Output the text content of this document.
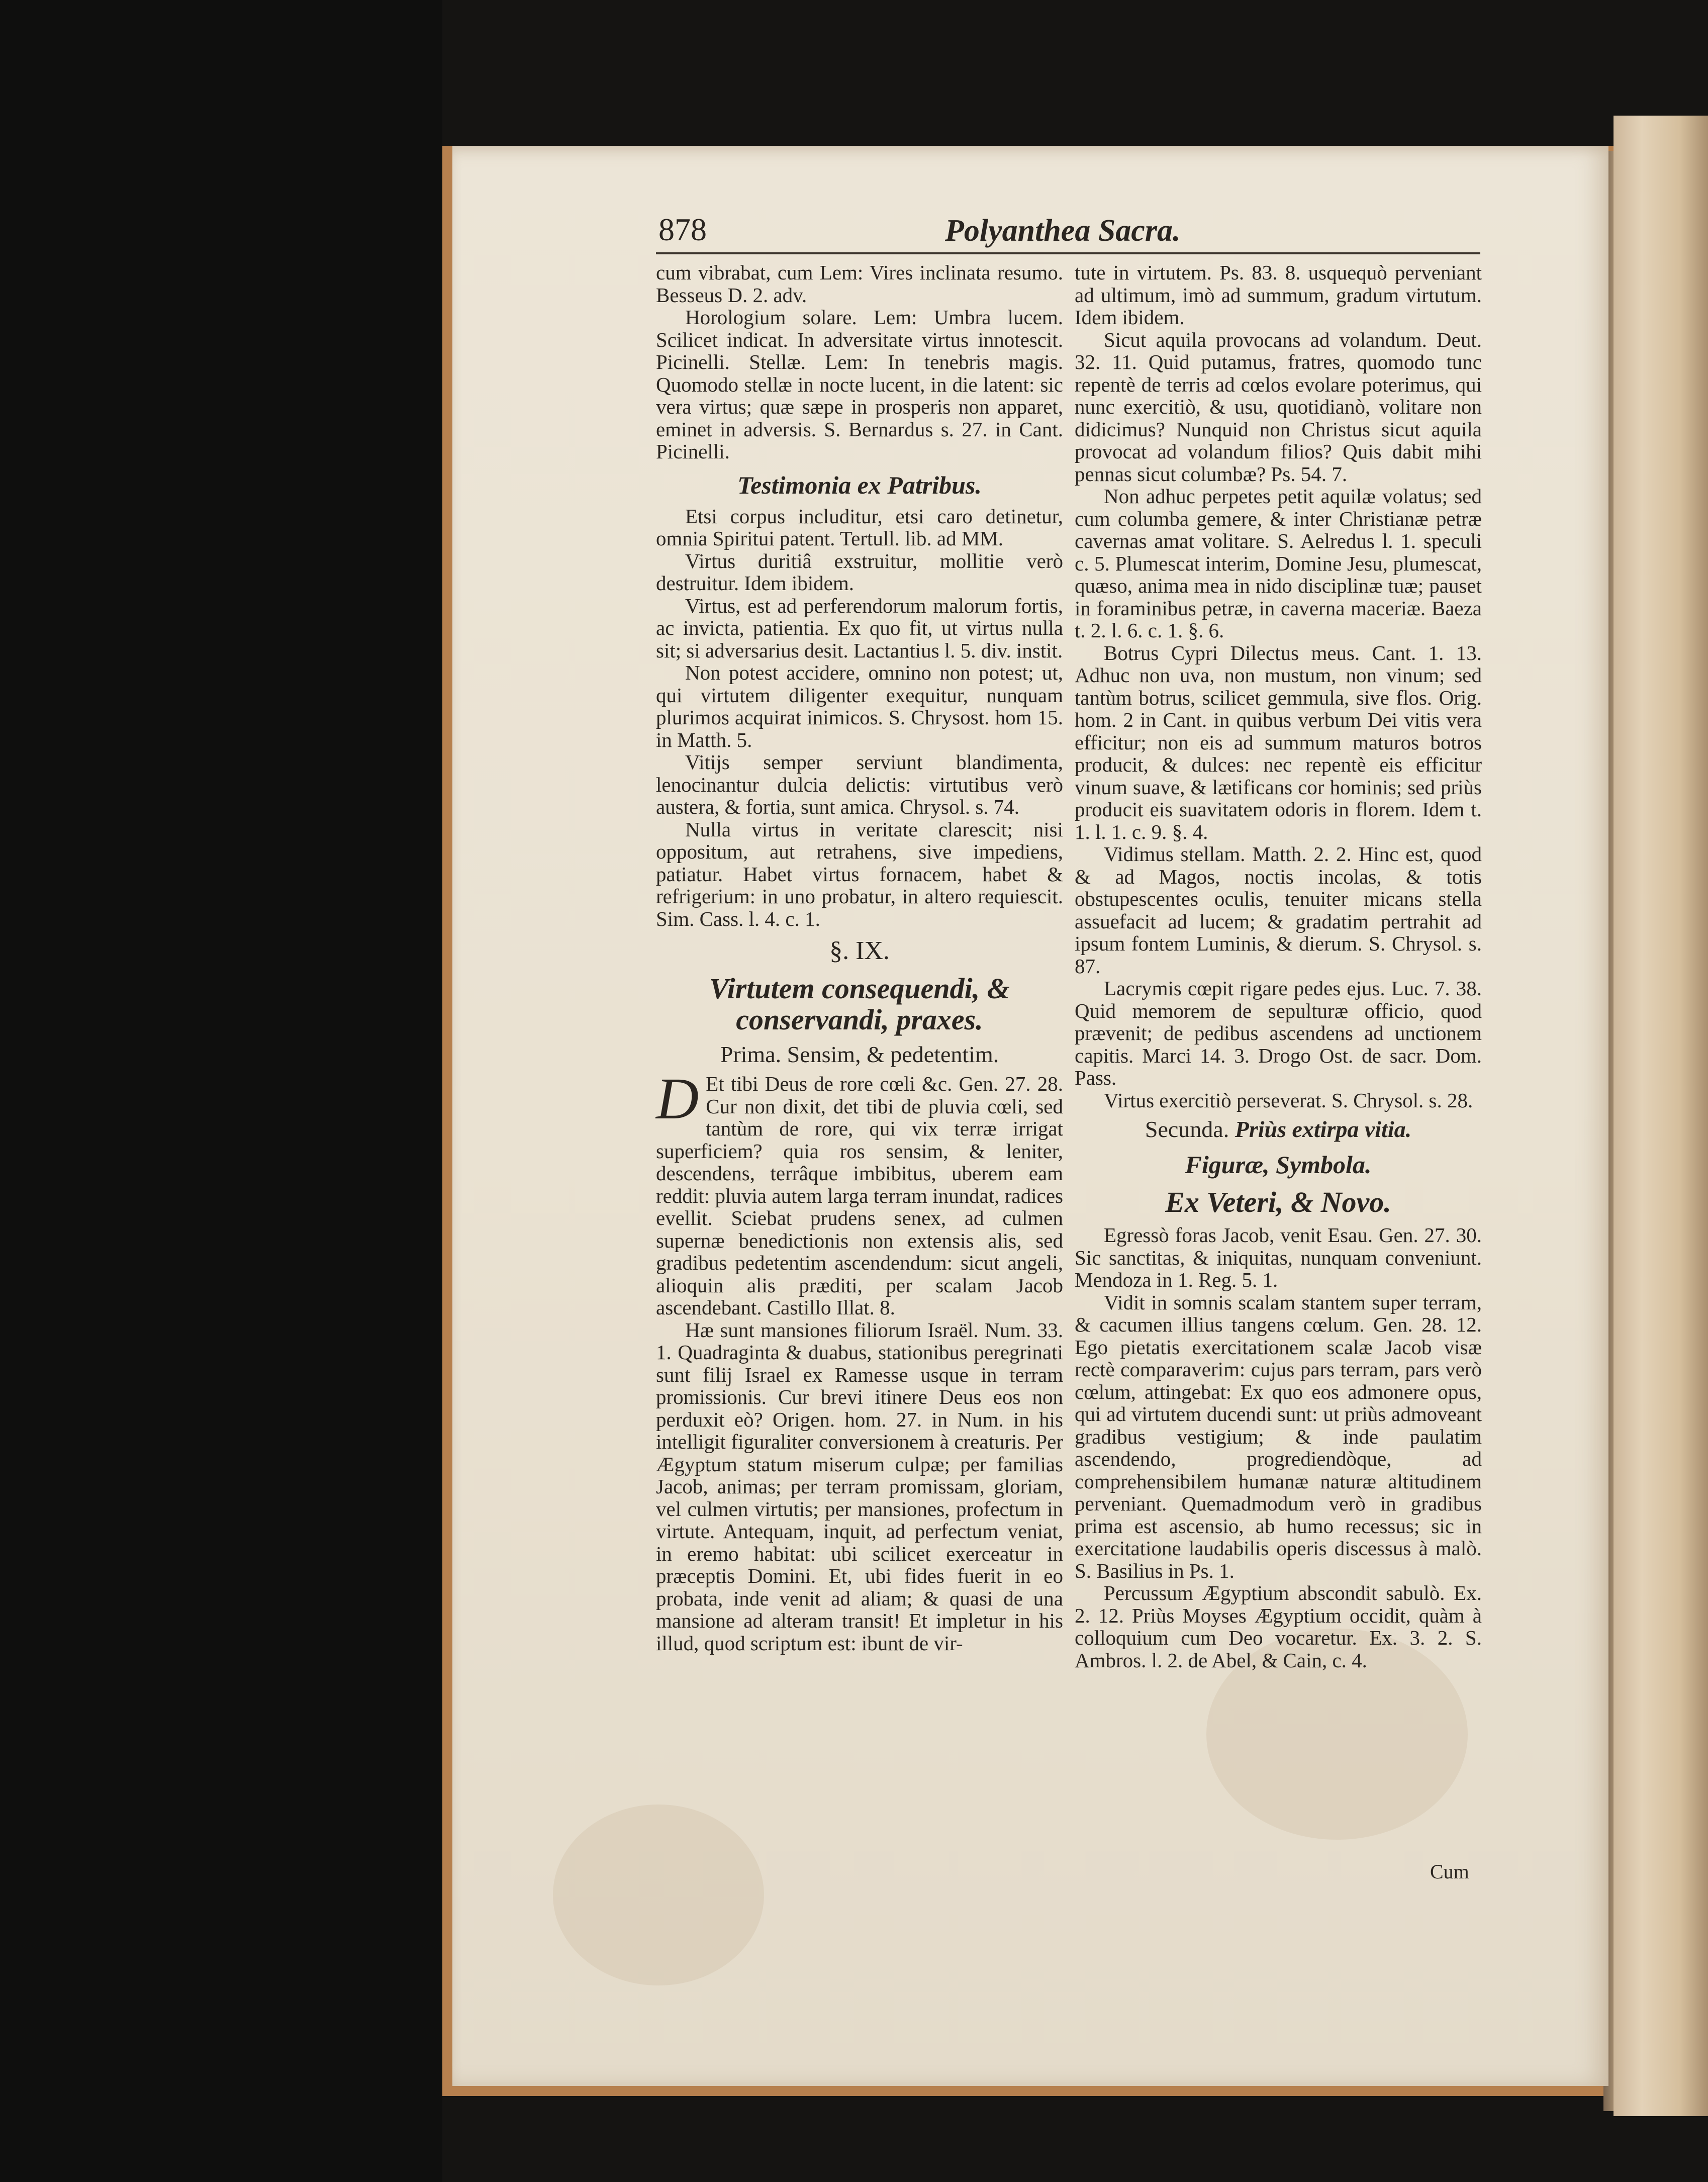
878	Polyanthea Sacra.

cum vibrabat, cum Lem: Vires inclinata resumo. Besseus D. 2. adv.

Horologium solare. Lem: Umbra lucem. Scilicet indicat. In adversitate virtus innotescit. Picinelli. Stellæ. Lem: In tenebris magis. Quomodo stellæ in nocte lucent, in die latent: sic vera virtus; quæ sæpe in prosperis non apparet, eminet in adversis. S. Bernardus s. 27. in Cant. Picinelli.

Testimonia ex Patribus.

Etsi corpus includitur, etsi caro detinetur, omnia Spiritui patent. Tertull. lib. ad MM.

Virtus duritiâ exstruitur, mollitie verò destruitur. Idem ibidem.

Virtus, est ad perferendorum malorum fortis, ac invicta, patientia. Ex quo fit, ut virtus nulla sit; si adversarius desit. Lactantius l. 5. div. instit.

Non potest accidere, omnino non potest; ut, qui virtutem diligenter exequitur, nunquam plurimos acquirat inimicos. S. Chrysost. hom 15. in Matth. 5.

Vitijs semper serviunt blandimenta, lenocinantur dulcia delictis: virtutibus verò austera, & fortia, sunt amica. Chrysol. s. 74.

Nulla virtus in veritate clarescit; nisi oppositum, aut retrahens, sive impediens, patiatur. Habet virtus fornacem, habet & refrigerium: in uno probatur, in altero requiescit. Sim. Cass. l. 4. c. 1.

§. IX.
Virtutem consequendi, & conservandi, praxes.
Prima. Sensim, & pedetentim.
D Et tibi Deus de rore cœli &c. Gen. 27. 28. Cur non dixit, det tibi de pluvia cœli, sed tantùm de rore, qui vix terræ irrigat superficiem? quia ros sensim, & leniter, descendens, terrâque imbibitus, uberem eam reddit: pluvia autem larga terram inundat, radices evellit. Sciebat prudens senex, ad culmen supernæ benedictionis non extensis alis, sed gradibus pedetentim ascendendum: sicut angeli, alioquin alis præditi, per scalam Jacob ascendebant. Castillo Illat. 8.

Hæ sunt mansiones filiorum Israël. Num. 33. 1. Quadraginta & duabus, stationibus peregrinati sunt filij Israel ex Ramesse usque in terram promissionis. Cur brevi itinere Deus eos non perduxit eò? Origen. hom. 27. in Num. in his intelligit figuraliter conversionem à creaturis. Per Ægyptum statum miserum culpæ; per familias Jacob, animas; per terram promissam, gloriam, vel culmen virtutis; per mansiones, profectum in virtute. Antequam, inquit, ad perfectum veniat, in eremo habitat: ubi scilicet exerceatur in præceptis Domini. Et, ubi fides fuerit in eo probata, inde venit ad aliam; & quasi de una mansione ad alteram transit! Et impletur in his illud, quod scriptum est: ibunt de vir-

tute in virtutem. Ps. 83. 8. usquequò perveniant ad ultimum, imò ad summum, gradum virtutum. Idem ibidem.

Sicut aquila provocans ad volandum. Deut. 32. 11. Quid putamus, fratres, quomodo tunc repentè de terris ad cœlos evolare poterimus, qui nunc exercitiò, & usu, quotidianò, volitare non didicimus? Nunquid non Christus sicut aquila provocat ad volandum filios? Quis dabit mihi pennas sicut columbæ? Ps. 54. 7.

Non adhuc perpetes petit aquilæ volatus; sed cum columba gemere, & inter Christianæ petræ cavernas amat volitare. S. Aelredus l. 1. speculi c. 5. Plumescat interim, Domine Jesu, plumescat, quæso, anima mea in nido disciplinæ tuæ; pauset in foraminibus petræ, in caverna maceriæ. Baeza t. 2. l. 6. c. 1. §. 6.

Botrus Cypri Dilectus meus. Cant. 1. 13. Adhuc non uva, non mustum, non vinum; sed tantùm botrus, scilicet gemmula, sive flos. Orig. hom. 2 in Cant. in quibus verbum Dei vitis vera efficitur; non eis ad summum maturos botros producit, & dulces: nec repentè eis efficitur vinum suave, & lætificans cor hominis; sed priùs producit eis suavitatem odoris in florem. Idem t. 1. l. 1. c. 9. §. 4.

Vidimus stellam. Matth. 2. 2. Hinc est, quod & ad Magos, noctis incolas, & totis obstupescentes oculis, tenuiter micans stella assuefacit ad lucem; & gradatim pertrahit ad ipsum fontem Luminis, & dierum. S. Chrysol. s. 87.

Lacrymis cœpit rigare pedes ejus. Luc. 7. 38. Quid memorem de sepulturæ officio, quod prævenit; de pedibus ascendens ad unctionem capitis. Marci 14. 3. Drogo Ost. de sacr. Dom. Pass.

Virtus exercitiò perseverat. S. Chrysol. s. 28.

Secunda. Priùs extirpa vitia.
Figuræ, Symbola.
Ex Veteri, & Novo.

Egressò foras Jacob, venit Esau. Gen. 27. 30. Sic sanctitas, & iniquitas, nunquam conveniunt. Mendoza in 1. Reg. 5. 1.

Vidit in somnis scalam stantem super terram, & cacumen illius tangens cœlum. Gen. 28. 12. Ego pietatis exercitationem scalæ Jacob visæ rectè comparaverim: cujus pars terram, pars verò cœlum, attingebat: Ex quo eos admonere opus, qui ad virtutem ducendi sunt: ut priùs admoveant gradibus vestigium; & inde paulatim ascendendo, progrediendòque, ad comprehensibilem humanæ naturæ altitudinem perveniant. Quemadmodum verò in gradibus prima est ascensio, ab humo recessus; sic in exercitatione laudabilis operis discessus à malò. S. Basilius in Ps. 1.

Percussum Ægyptium abscondit sabulò. Ex. 2. 12. Priùs Moyses Ægyptium occidit, quàm à colloquium cum Deo vocaretur. Ex. 3. 2. S. Ambros. l. 2. de Abel, & Cain, c. 4.

Cum
